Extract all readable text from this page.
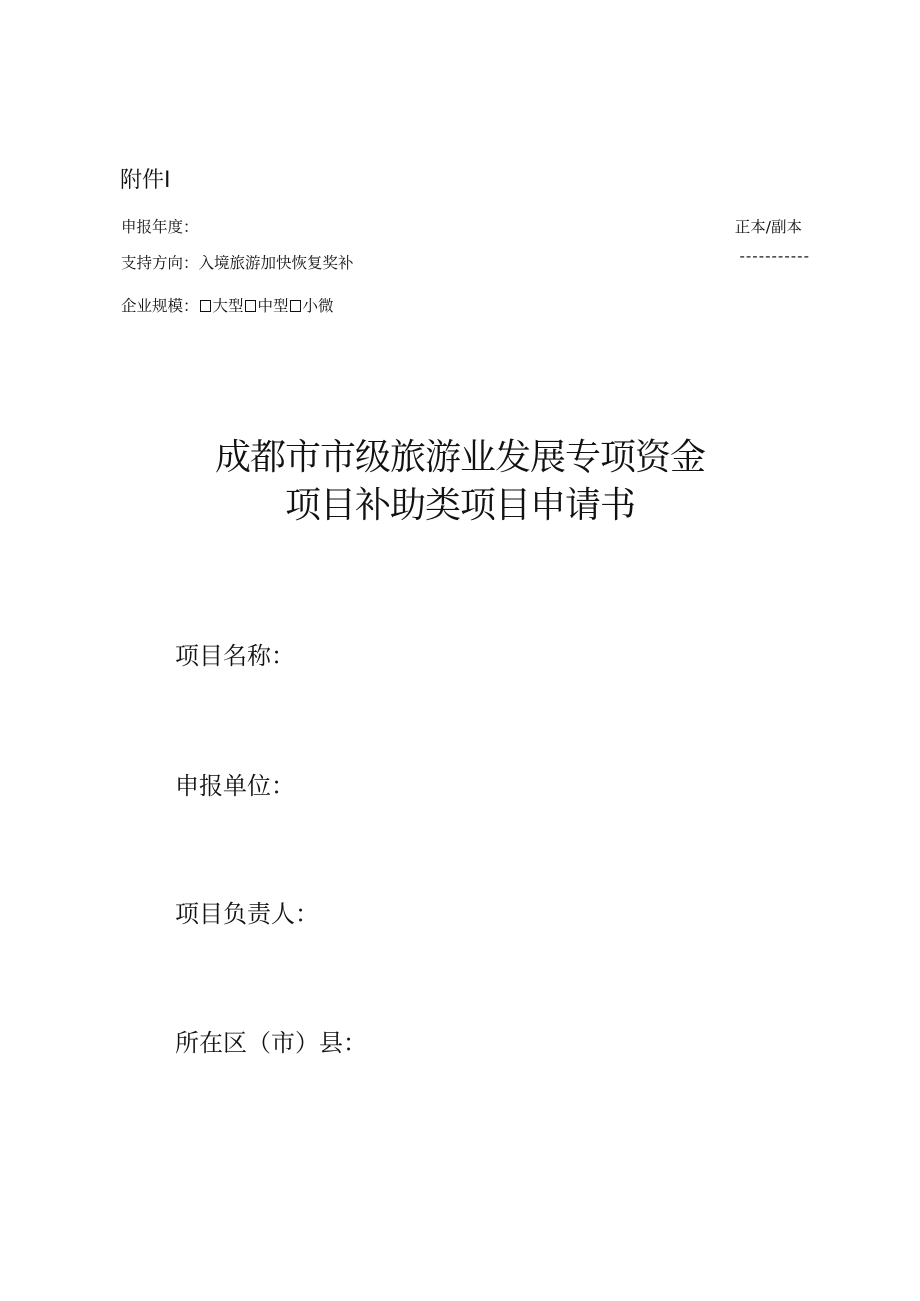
附件I
申报年度：	正本/副本
支持方向：入境旅游加快恢复奖补	-----------
企业规模： 大型 中型 小微
成都市市级旅游业发展专项资金
项目补助类项目申请书
项目名称：
申报单位：
项目负责人：
所在区（市）县：
